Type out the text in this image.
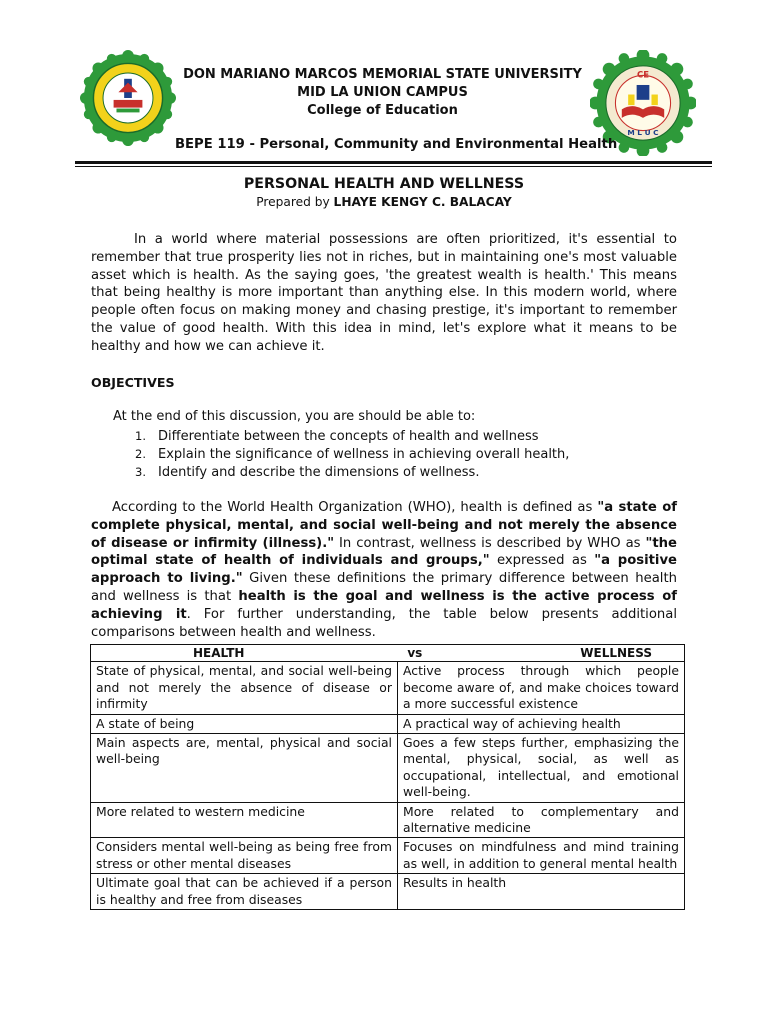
CE
M L U C
DON MARIANO MARCOS MEMORIAL STATE UNIVERSITY
MID LA UNION CAMPUS
College of Education
BEPE 119 - Personal, Community and Environmental Health
PERSONAL HEALTH AND WELLNESS
Prepared by LHAYE KENGY C. BALACAY
In a world where material possessions are often prioritized, it's essential to remember that true prosperity lies not in riches, but in maintaining one's most valuable asset which is health. As the saying goes, 'the greatest wealth is health.' This means that being healthy is more important than anything else. In this modern world, where people often focus on making money and chasing prestige, it's important to remember the value of good health. With this idea in mind, let's explore what it means to be healthy and how we can achieve it.
OBJECTIVES
At the end of this discussion, you are should be able to:
1. Differentiate between the concepts of health and wellness
2. Explain the significance of wellness in achieving overall health,
3. Identify and describe the dimensions of wellness.
According to the World Health Organization (WHO), health is defined as "a state of complete physical, mental, and social well-being and not merely the absence of disease or infirmity (illness)." In contrast, wellness is described by WHO as "the optimal state of health of individuals and groups," expressed as "a positive approach to living." Given these definitions the primary difference between health and wellness is that health is the goal and wellness is the active process of achieving it. For further understanding, the table below presents additional comparisons between health and wellness.
HEALTH vs WELLNESS	

State of physical, mental, and social well-being and not merely the absence of disease or infirmity	Active process through which people become aware of, and make choices toward a more successful existence
A state of being	A practical way of achieving health
Main aspects are, mental, physical and social well-being	Goes a few steps further, emphasizing the mental, physical, social, as well as occupational, intellectual, and emotional well-being.
More related to western medicine	More related to complementary and alternative medicine
Considers mental well-being as being free from stress or other mental diseases	Focuses on mindfulness and mind training as well, in addition to general mental health
Ultimate goal that can be achieved if a person is healthy and free from diseases	Results in health
